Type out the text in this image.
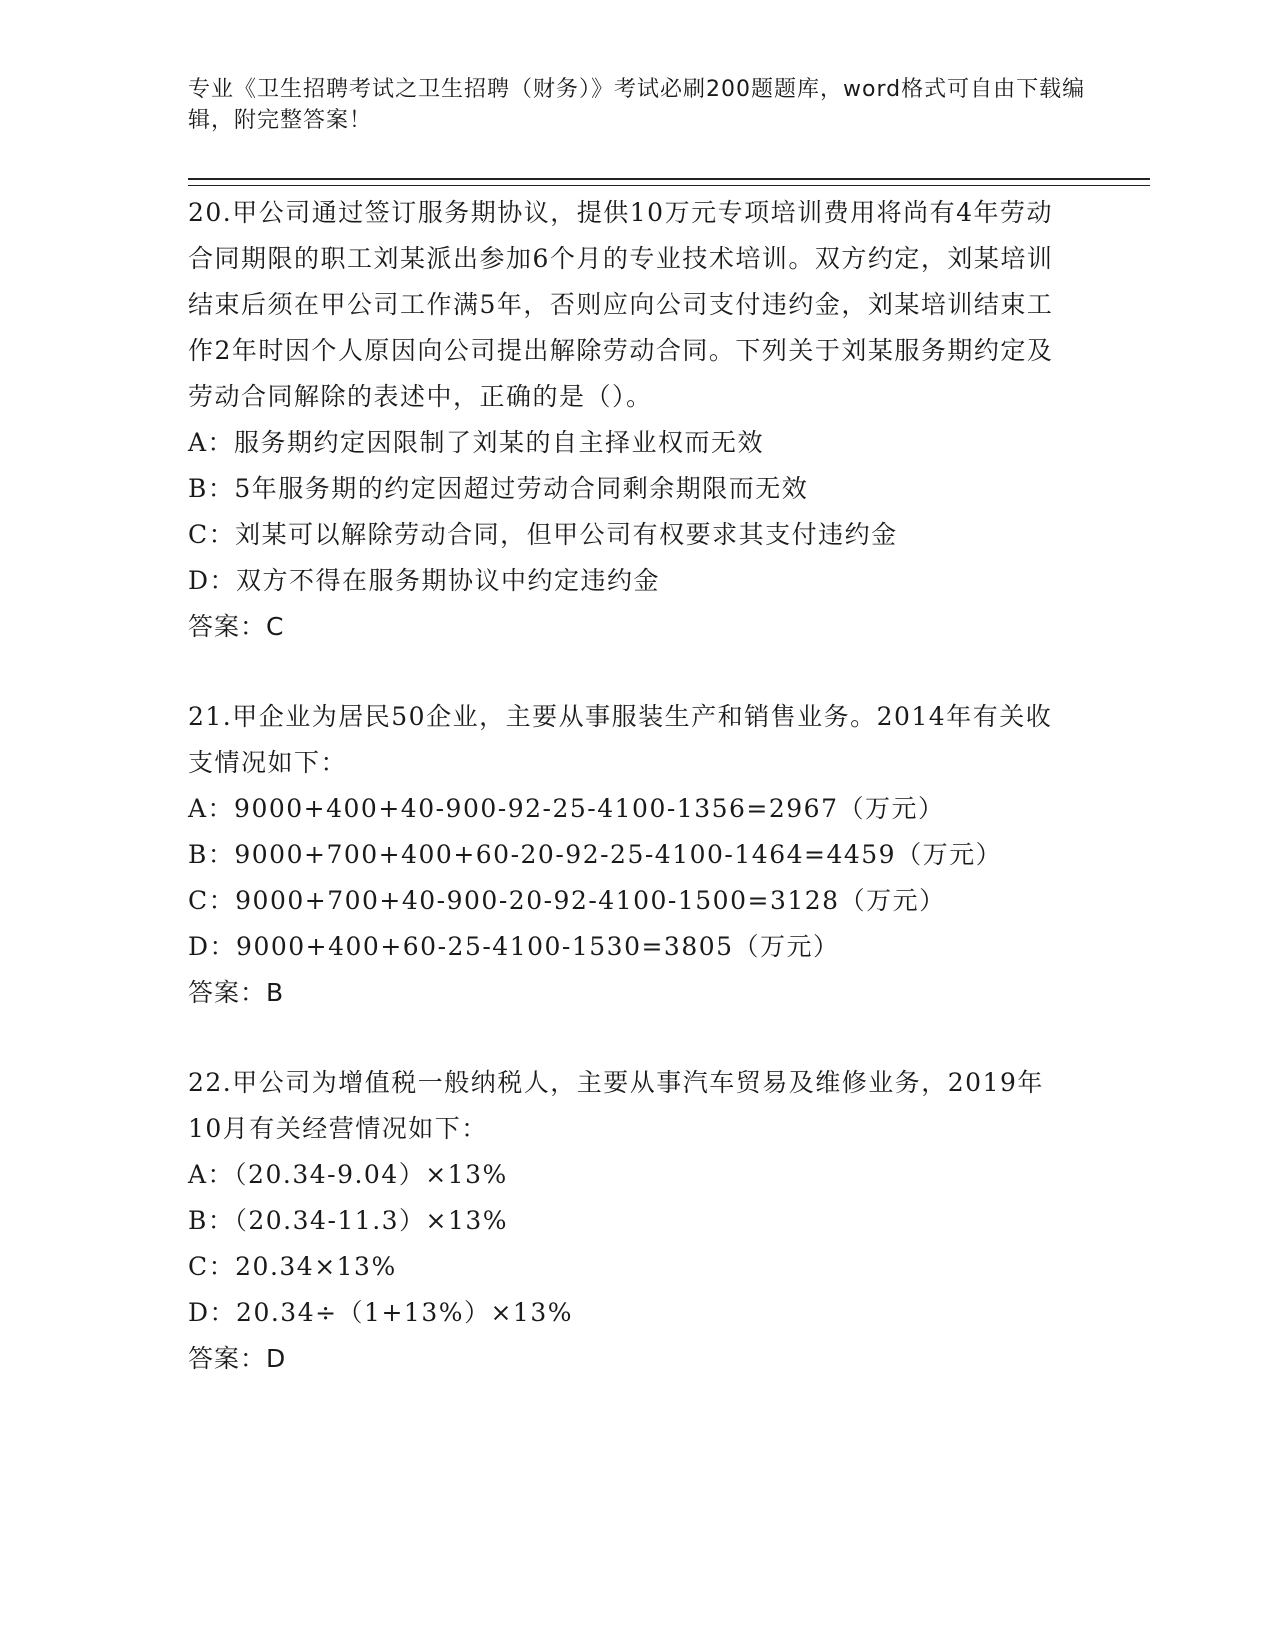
专业《卫生招聘考试之卫生招聘（财务）》考试必刷200题题库，word格式可自由下载编辑，附完整答案！
20.甲公司通过签订服务期协议，提供10万元专项培训费用将尚有4年劳动合同期限的职工刘某派出参加6个月的专业技术培训。双方约定，刘某培训结束后须在甲公司工作满5年，否则应向公司支付违约金，刘某培训结束工作2年时因个人原因向公司提出解除劳动合同。下列关于刘某服务期约定及劳动合同解除的表述中，正确的是（）。
A：服务期约定因限制了刘某的自主择业权而无效
B：5年服务期的约定因超过劳动合同剩余期限而无效
C：刘某可以解除劳动合同，但甲公司有权要求其支付违约金
D：双方不得在服务期协议中约定违约金
答案：C
21.甲企业为居民50企业，主要从事服装生产和销售业务。2014年有关收支情况如下：
A：9000+400+40-900-92-25-4100-1356=2967（万元）
B：9000+700+400+60-20-92-25-4100-1464=4459（万元）
C：9000+700+40-900-20-92-4100-1500=3128（万元）
D：9000+400+60-25-4100-1530=3805（万元）
答案：B
22.甲公司为增值税一般纳税人，主要从事汽车贸易及维修业务，2019年10月有关经营情况如下：
A：（20.34-9.04）×13%
B：（20.34-11.3）×13%
C：20.34×13%
D：20.34÷（1+13%）×13%
答案：D
